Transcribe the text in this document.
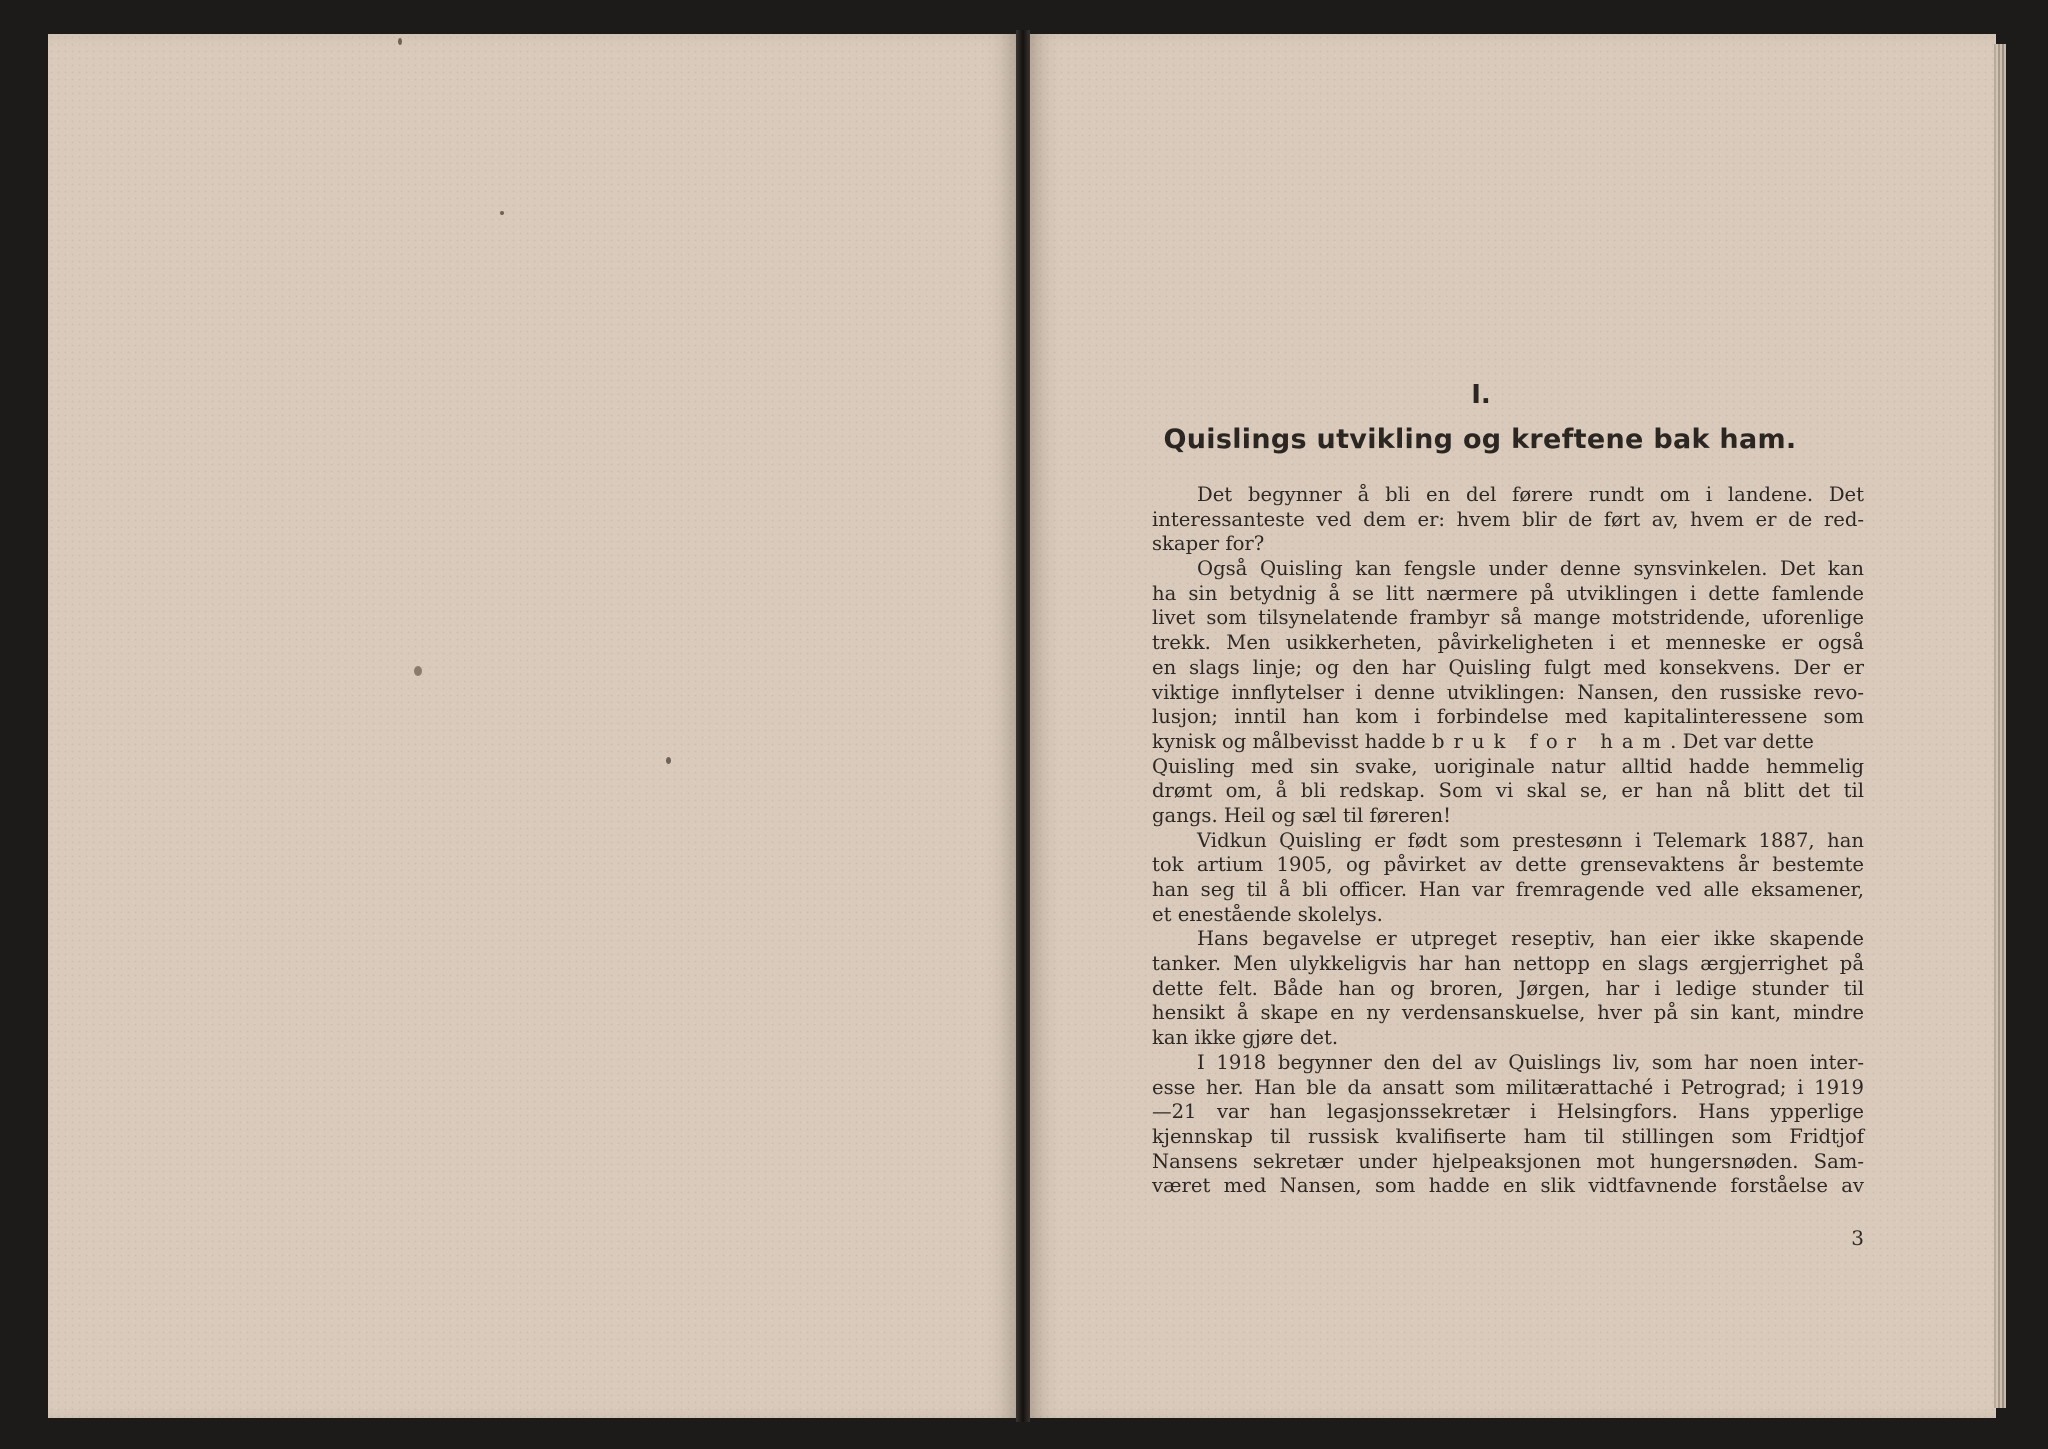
I.
Quislings utvikling og kreftene bak ham.
Det begynner å bli en del førere rundt om i landene. Det
interessanteste ved dem er: hvem blir de ført av, hvem er de red-
skaper for?
Også Quisling kan fengsle under denne synsvinkelen. Det kan
ha sin betydnig å se litt nærmere på utviklingen i dette famlende
livet som tilsynelatende frambyr så mange motstridende, uforenlige
trekk. Men usikkerheten, påvirkeligheten i et menneske er også
en slags linje; og den har Quisling fulgt med konsekvens. Der er
viktige innflytelser i denne utviklingen: Nansen, den russiske revo-
lusjon; inntil han kom i forbindelse med kapitalinteressene som
kynisk og målbevisst hadde bruk for ham. Det var dette
Quisling med sin svake, uoriginale natur alltid hadde hemmelig
drømt om, å bli redskap. Som vi skal se, er han nå blitt det til
gangs. Heil og sæl til føreren!
Vidkun Quisling er født som prestesønn i Telemark 1887, han
tok artium 1905, og påvirket av dette grensevaktens år bestemte
han seg til å bli officer. Han var fremragende ved alle eksamener,
et enestående skolelys.
Hans begavelse er utpreget reseptiv, han eier ikke skapende
tanker. Men ulykkeligvis har han nettopp en slags ærgjerrighet på
dette felt. Både han og broren, Jørgen, har i ledige stunder til
hensikt å skape en ny verdensanskuelse, hver på sin kant, mindre
kan ikke gjøre det.
I 1918 begynner den del av Quislings liv, som har noen inter-
esse her. Han ble da ansatt som militærattaché i Petrograd; i 1919
—21 var han legasjonssekretær i Helsingfors. Hans ypperlige
kjennskap til russisk kvalifiserte ham til stillingen som Fridtjof
Nansens sekretær under hjelpeaksjonen mot hungersnøden. Sam-
været med Nansen, som hadde en slik vidtfavnende forståelse av
3
